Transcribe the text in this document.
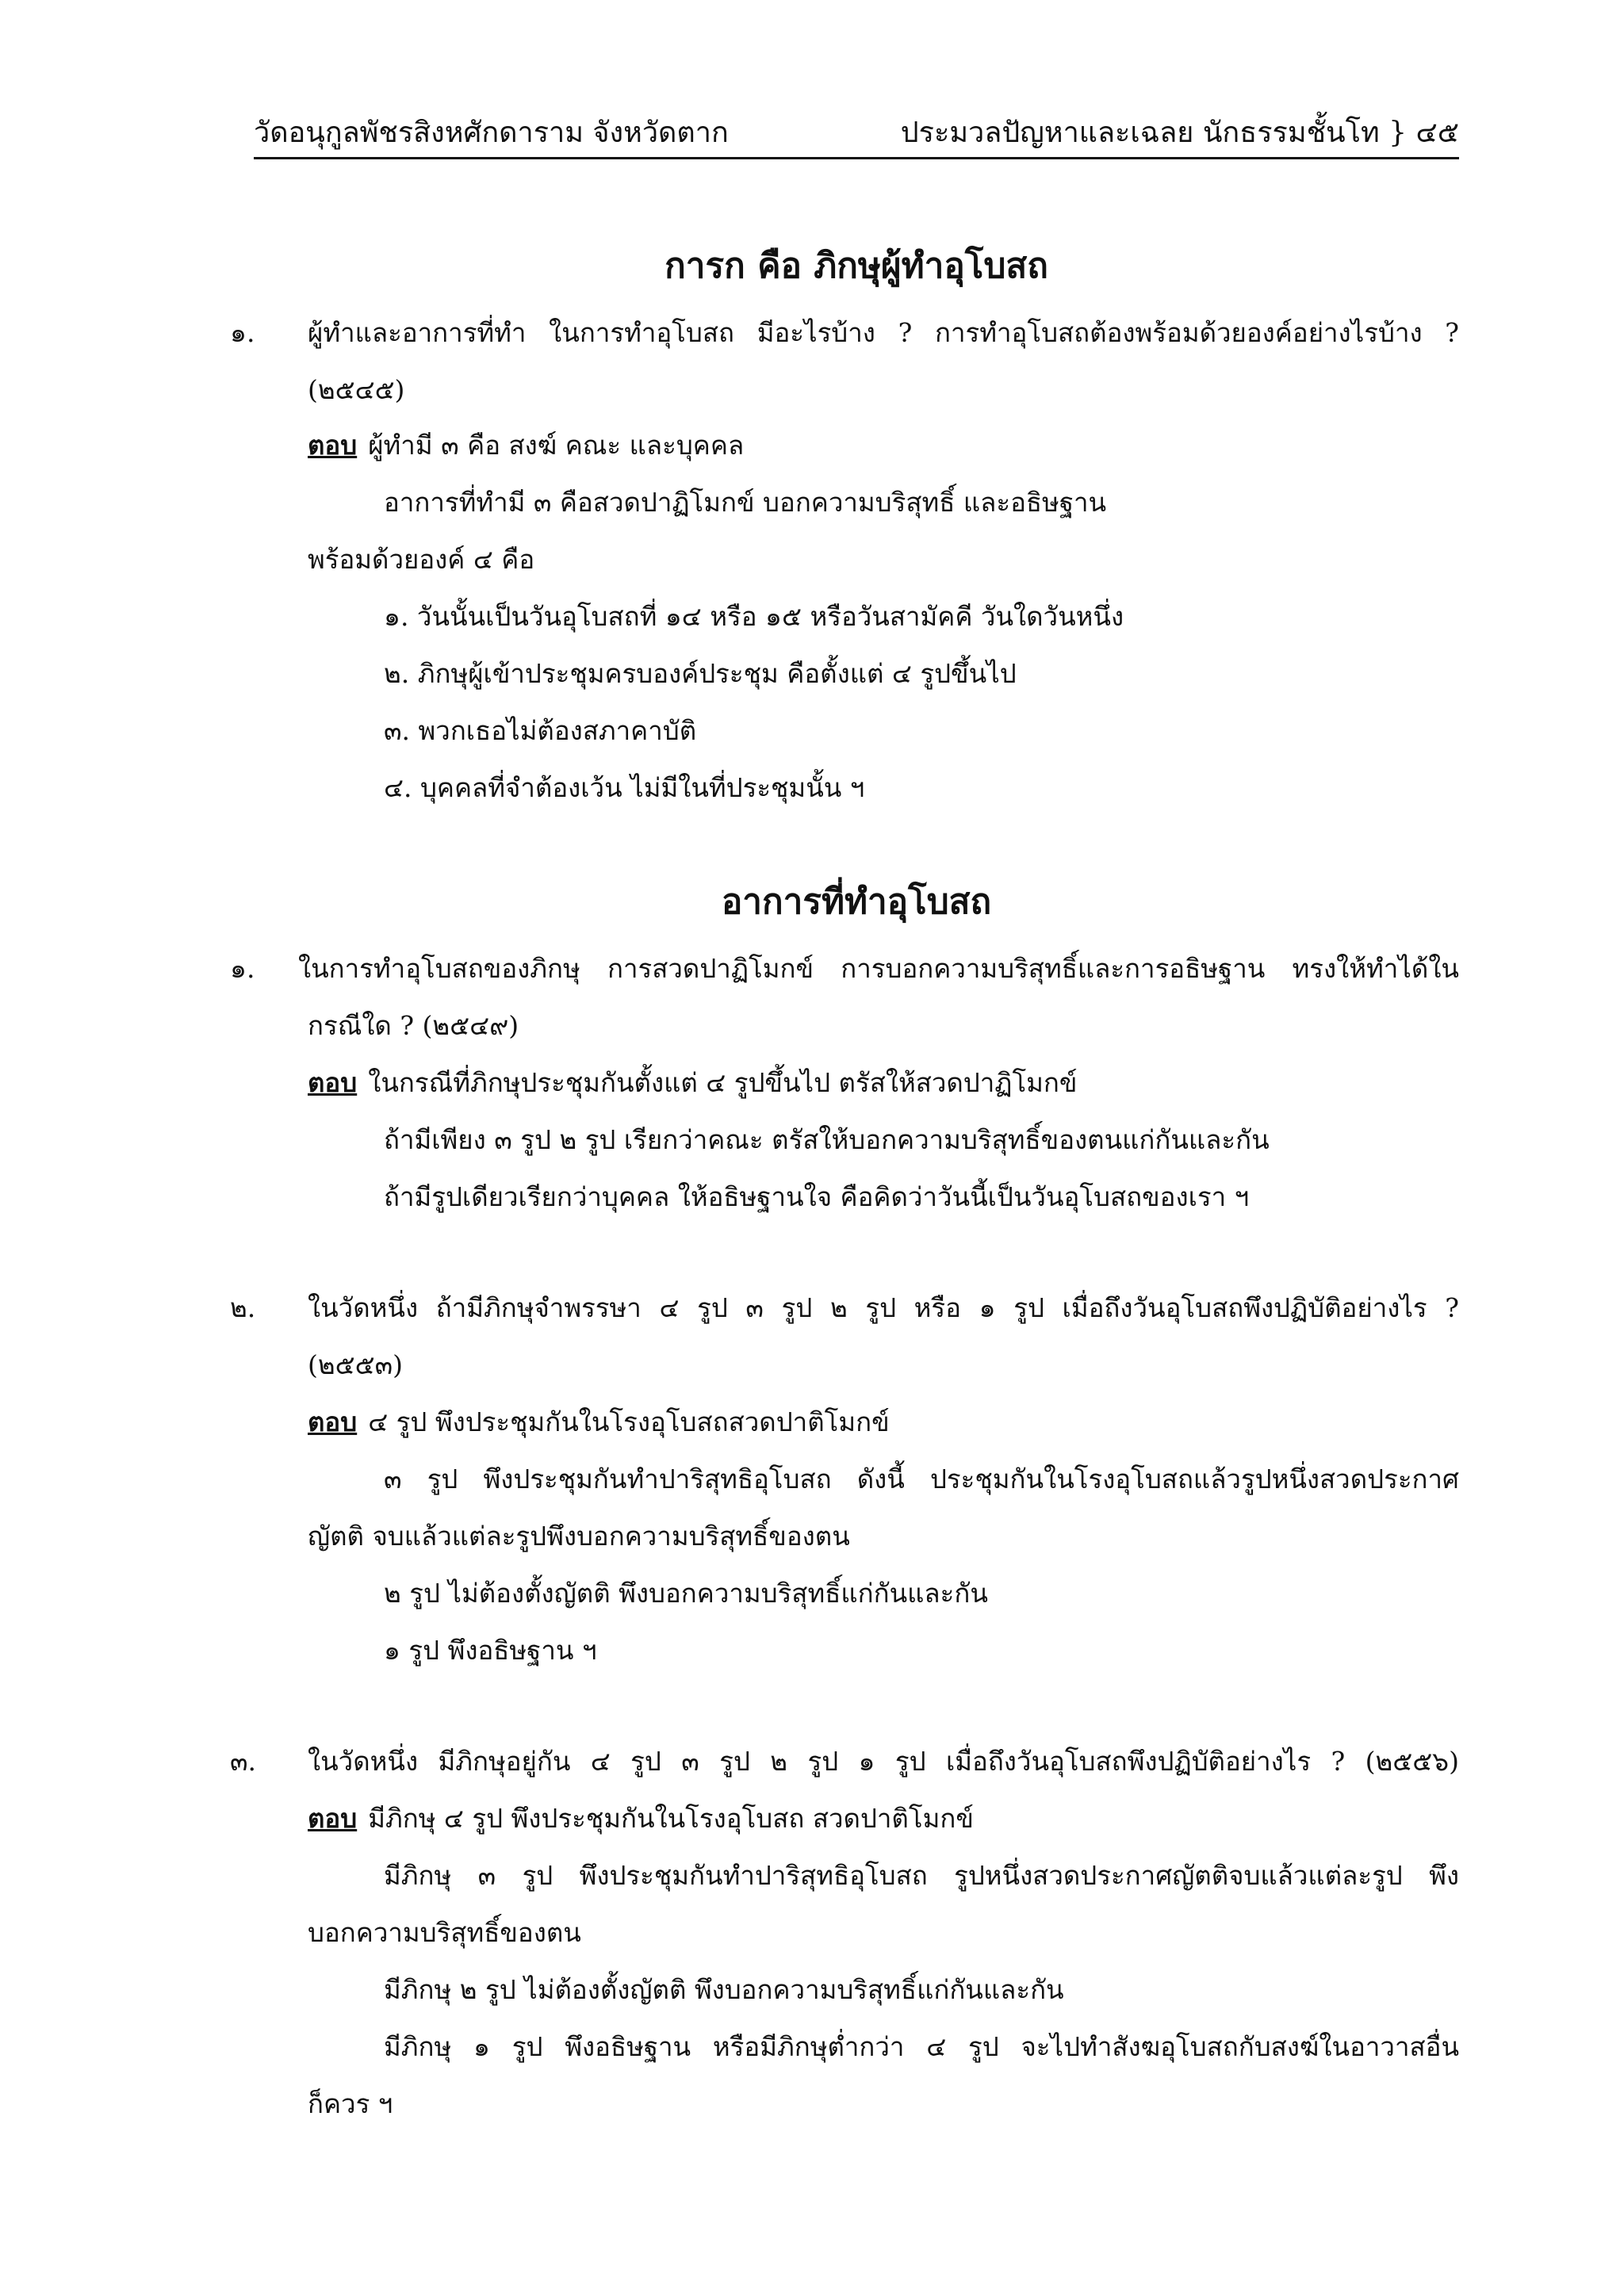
วัดอนุกูลพัชรสิงหศักดาราม จังหวัดตาก	ประมวลปัญหาและเฉลย นักธรรมชั้นโท } ๔๕
การก คือ ภิกษุผู้ทำอุโบสถ
๑. ผู้ทำและอาการที่ทำ ในการทำอุโบสถ มีอะไรบ้าง ? การทำอุโบสถต้องพร้อมด้วยองค์อย่างไรบ้าง ?
(๒๕๔๕)
ตอบ ผู้ทำมี ๓ คือ สงฆ์ คณะ และบุคคล
อาการที่ทำมี ๓ คือสวดปาฏิโมกข์ บอกความบริสุทธิ์ และอธิษฐาน
พร้อมด้วยองค์ ๔ คือ
๑. วันนั้นเป็นวันอุโบสถที่ ๑๔ หรือ ๑๕ หรือวันสามัคคี วันใดวันหนึ่ง
๒. ภิกษุผู้เข้าประชุมครบองค์ประชุม คือตั้งแต่ ๔ รูปขึ้นไป
๓. พวกเธอไม่ต้องสภาคาบัติ
๔. บุคคลที่จำต้องเว้น ไม่มีในที่ประชุมนั้น ฯ
อาการที่ทำอุโบสถ
๑. ในการทำอุโบสถของภิกษุ การสวดปาฏิโมกข์ การบอกความบริสุทธิ์และการอธิษฐาน ทรงให้ทำได้ใน
กรณีใด ? (๒๕๔๙)
ตอบ ในกรณีที่ภิกษุประชุมกันตั้งแต่ ๔ รูปขึ้นไป ตรัสให้สวดปาฏิโมกข์
ถ้ามีเพียง ๓ รูป ๒ รูป เรียกว่าคณะ ตรัสให้บอกความบริสุทธิ์ของตนแก่กันและกัน
ถ้ามีรูปเดียวเรียกว่าบุคคล ให้อธิษฐานใจ คือคิดว่าวันนี้เป็นวันอุโบสถของเรา ฯ
๒. ในวัดหนึ่ง ถ้ามีภิกษุจำพรรษา ๔ รูป ๓ รูป ๒ รูป หรือ ๑ รูป เมื่อถึงวันอุโบสถพึงปฏิบัติอย่างไร ?
(๒๕๕๓)
ตอบ ๔ รูป พึงประชุมกันในโรงอุโบสถสวดปาติโมกข์
๓ รูป พึงประชุมกันทำปาริสุทธิอุโบสถ ดังนี้ ประชุมกันในโรงอุโบสถแล้วรูปหนึ่งสวดประกาศ
ญัตติ จบแล้วแต่ละรูปพึงบอกความบริสุทธิ์ของตน
๒ รูป ไม่ต้องตั้งญัตติ พึงบอกความบริสุทธิ์แก่กันและกัน
๑ รูป พึงอธิษฐาน ฯ
๓. ในวัดหนึ่ง มีภิกษุอยู่กัน ๔ รูป ๓ รูป ๒ รูป ๑ รูป เมื่อถึงวันอุโบสถพึงปฏิบัติอย่างไร ? (๒๕๕๖)
ตอบ มีภิกษุ ๔ รูป พึงประชุมกันในโรงอุโบสถ สวดปาติโมกข์
มีภิกษุ ๓ รูป พึงประชุมกันทำปาริสุทธิอุโบสถ รูปหนึ่งสวดประกาศญัตติจบแล้วแต่ละรูป พึง
บอกความบริสุทธิ์ของตน
มีภิกษุ ๒ รูป ไม่ต้องตั้งญัตติ พึงบอกความบริสุทธิ์แก่กันและกัน
มีภิกษุ ๑ รูป พึงอธิษฐาน หรือมีภิกษุต่ำกว่า ๔ รูป จะไปทำสังฆอุโบสถกับสงฆ์ในอาวาสอื่น
ก็ควร ฯ
